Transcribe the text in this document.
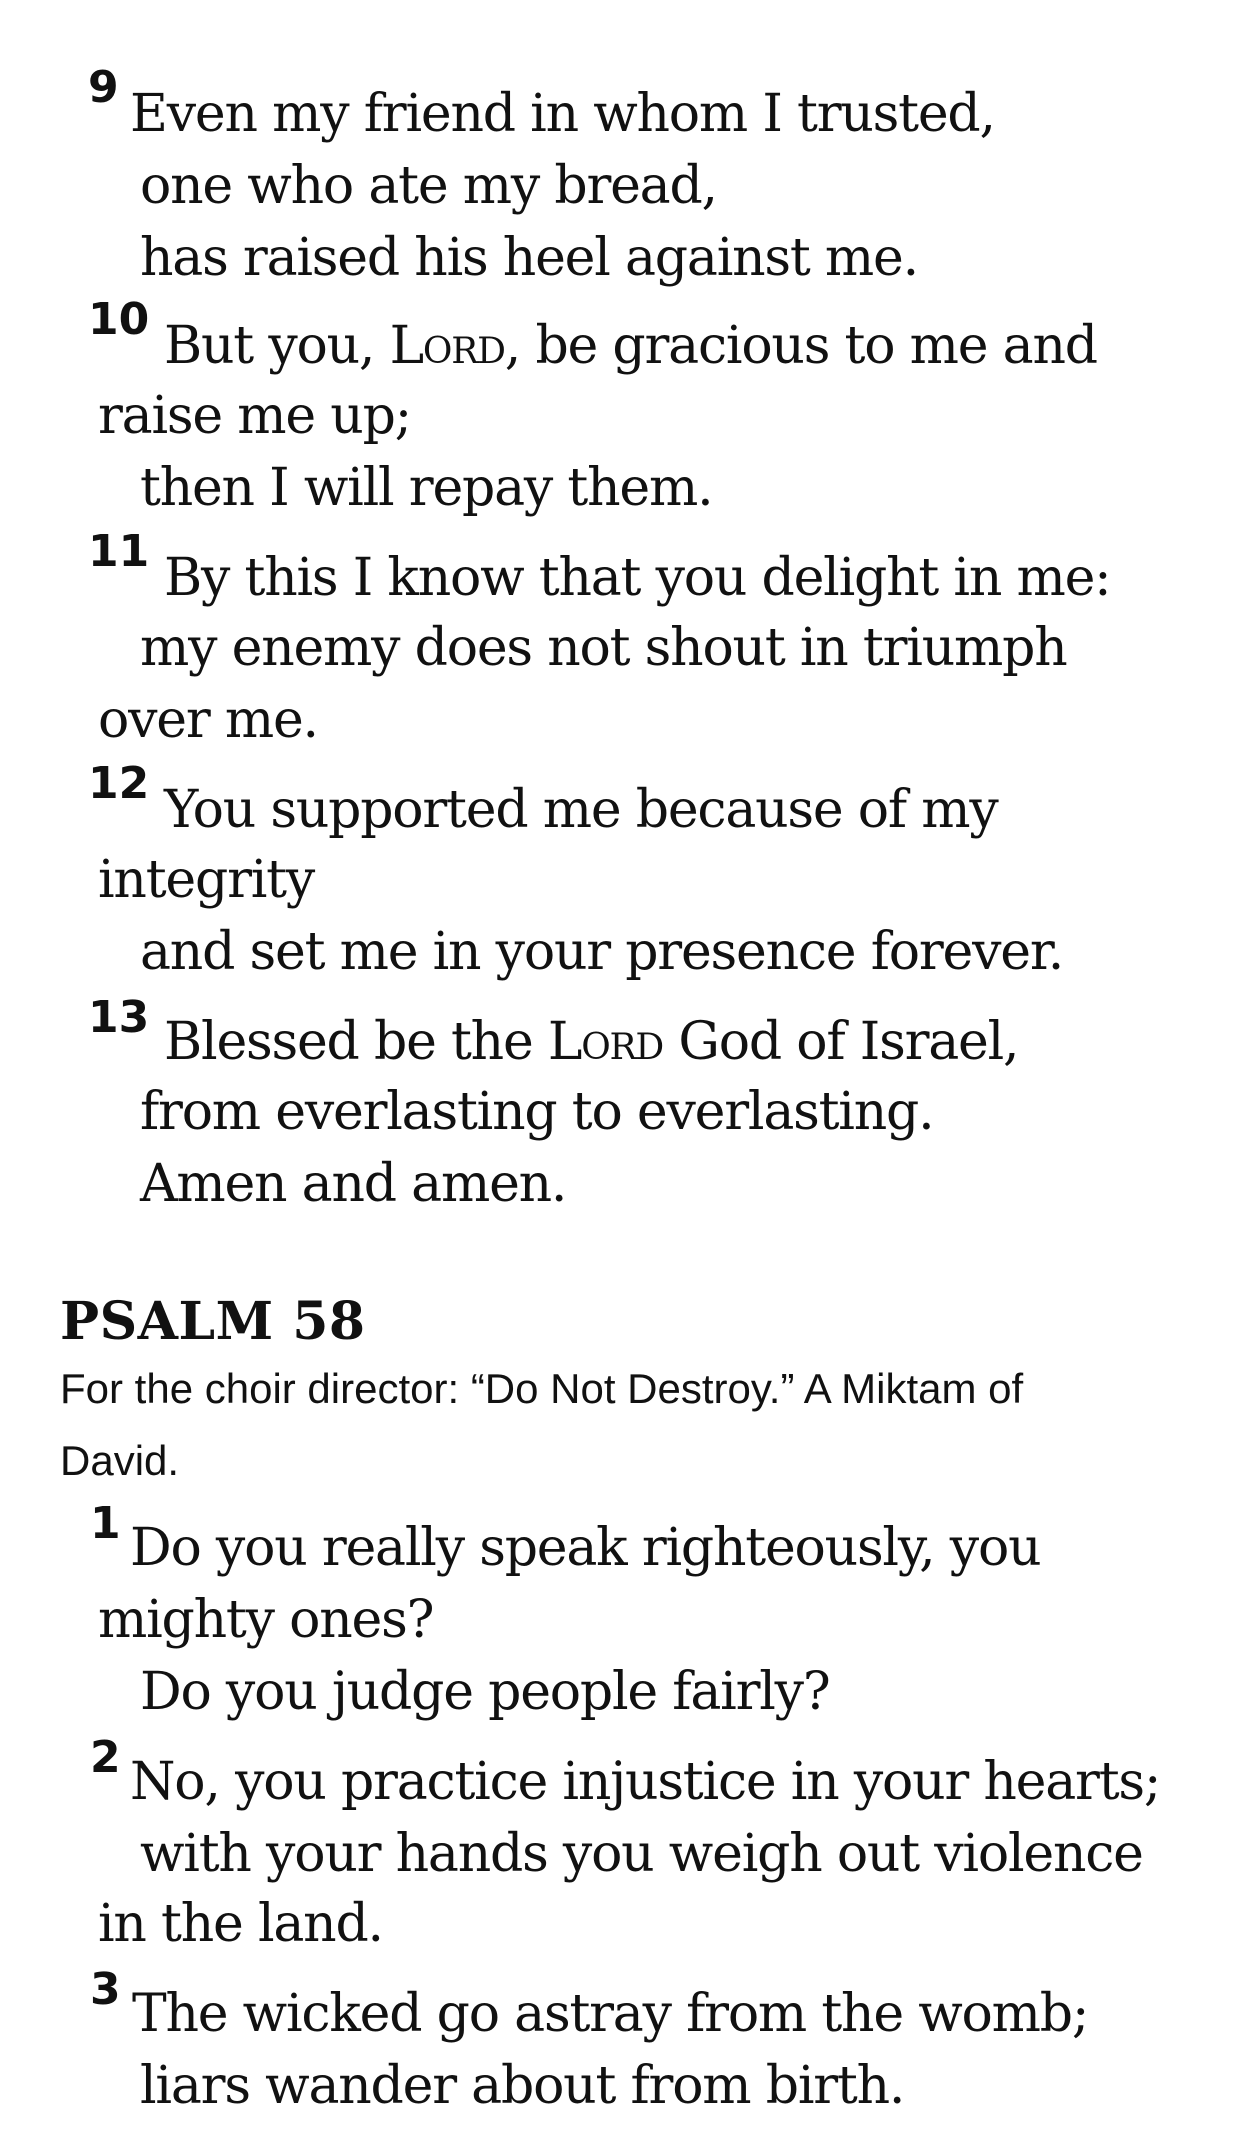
9 Even my friend in whom I trusted,
one who ate my bread,
has raised his heel against me.
10 But you, Lord, be gracious to me and
raise me up;
then I will repay them.
11 By this I know that you delight in me:
my enemy does not shout in triumph
over me.
12 You supported me because of my
integrity
and set me in your presence forever.
13 Blessed be the Lord God of Israel,
from everlasting to everlasting.
Amen and amen.
PSALM 58
For the choir director: “Do Not Destroy.” A Miktam of
David.
1 Do you really speak righteously, you
mighty ones?
Do you judge people fairly?
2 No, you practice injustice in your hearts;
with your hands you weigh out violence
in the land.
3 The wicked go astray from the womb;
liars wander about from birth.
